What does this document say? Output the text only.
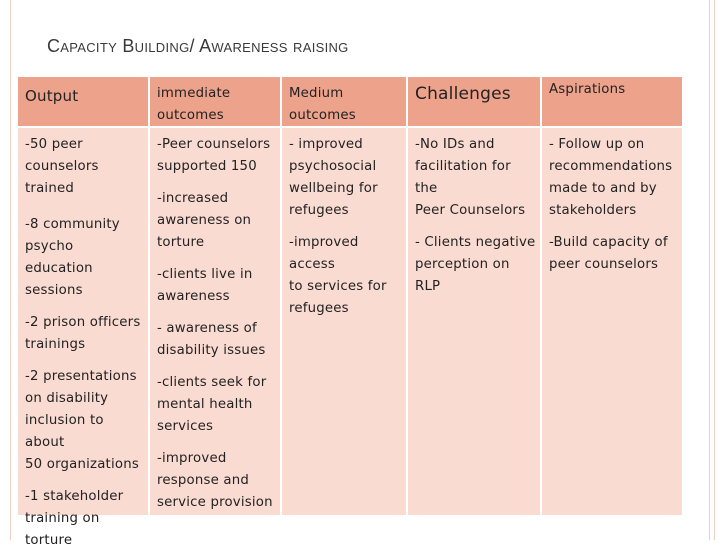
Capacity Building/ Awareness raising

Output	immediate
outcomes

Medium
outcomes

Challenges	Aspirations

-50 peer
counselors
trained

-8 community
psycho education
sessions

-2 prison officers
trainings

-2 presentations
on disability
inclusion to about
50 organizations

-1 stakeholder
training on
torture

-Peer counselors
supported 150

-increased
awareness on
torture

-clients live in
awareness

- awareness of
disability issues

-clients seek for
mental health
services

-improved
response and
service provision

- improved
psychosocial
wellbeing for
refugees

-improved access
to services for
refugees

-No IDs and
facilitation for the
Peer Counselors

- Clients negative
perception on RLP

- Follow up on
recommendations
made to and by
stakeholders

-Build capacity of
peer counselors
